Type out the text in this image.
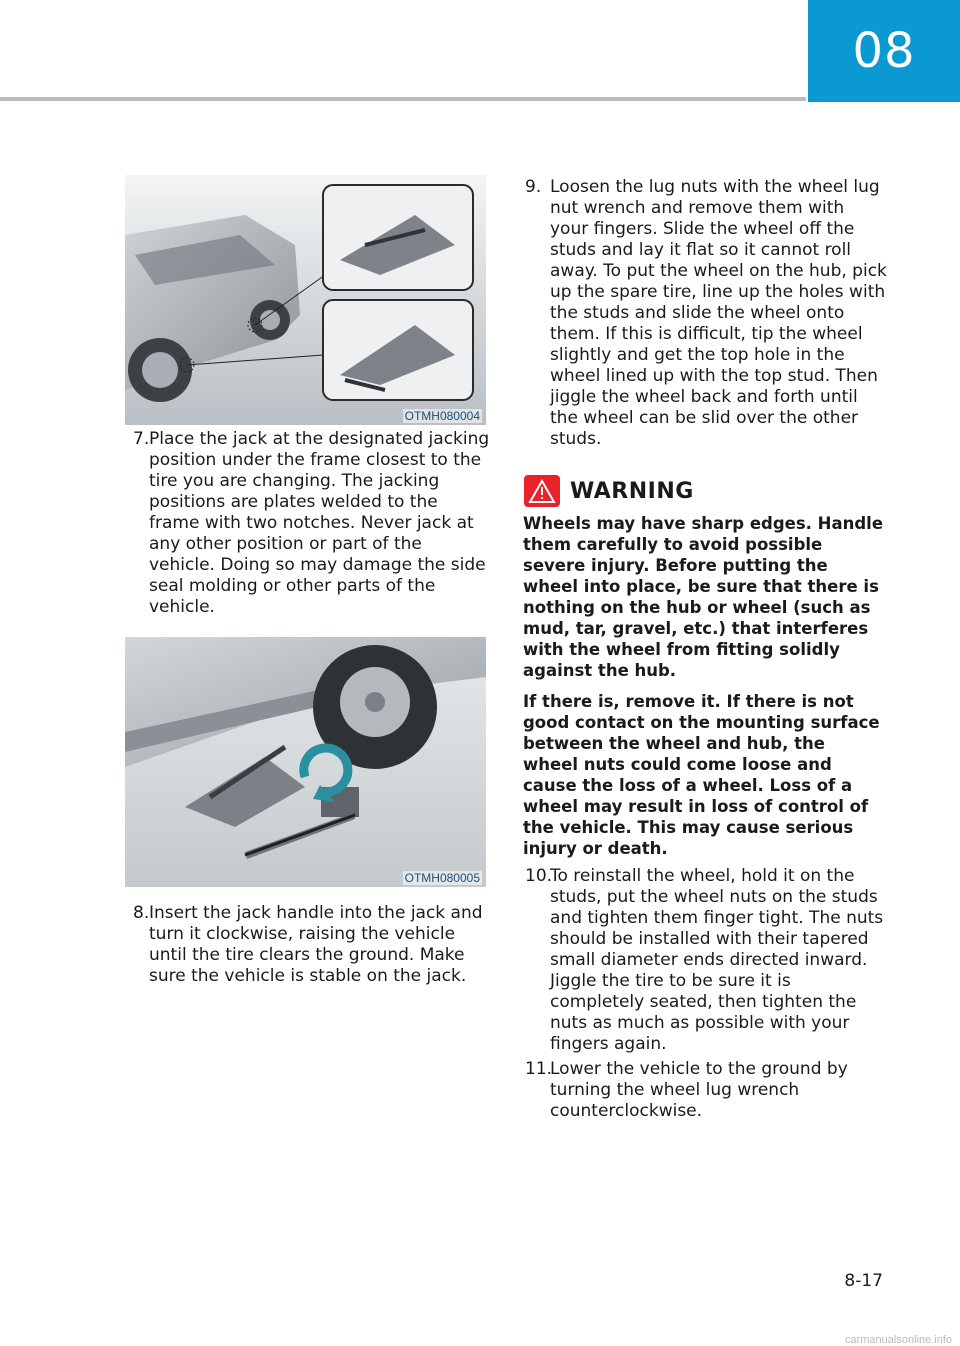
08
OTMH080004
7. Place the jack at the designated jacking position under the frame closest to the tire you are changing. The jacking positions are plates welded to the frame with two notches. Never jack at any other position or part of the vehicle. Doing so may damage the side seal molding or other parts of the vehicle.
OTMH080005
8. Insert the jack handle into the jack and turn it clockwise, raising the vehicle until the tire clears the ground. Make sure the vehicle is stable on the jack.
9. Loosen the lug nuts with the wheel lug nut wrench and remove them with your fingers. Slide the wheel off the studs and lay it flat so it cannot roll away. To put the wheel on the hub, pick up the spare tire, line up the holes with the studs and slide the wheel onto them. If this is difficult, tip the wheel slightly and get the top hole in the wheel lined up with the top stud. Then jiggle the wheel back and forth until the wheel can be slid over the other studs.
WARNING

Wheels may have sharp edges. Handle them carefully to avoid possible severe injury. Before putting the wheel into place, be sure that there is nothing on the hub or wheel (such as mud, tar, gravel, etc.) that interferes with the wheel from fitting solidly against the hub.

If there is, remove it. If there is not good contact on the mounting surface between the wheel and hub, the wheel nuts could come loose and cause the loss of a wheel. Loss of a wheel may result in loss of control of the vehicle. This may cause serious injury or death.

10.
To reinstall the wheel, hold it on the studs, put the wheel nuts on the studs and tighten them finger tight. The nuts should be installed with their tapered small diameter ends directed inward. Jiggle the tire to be sure it is completely seated, then tighten the nuts as much as possible with your fingers again.
11.
Lower the vehicle to the ground by turning the wheel lug wrench counterclockwise.
8-17
carmanualsonline.info
